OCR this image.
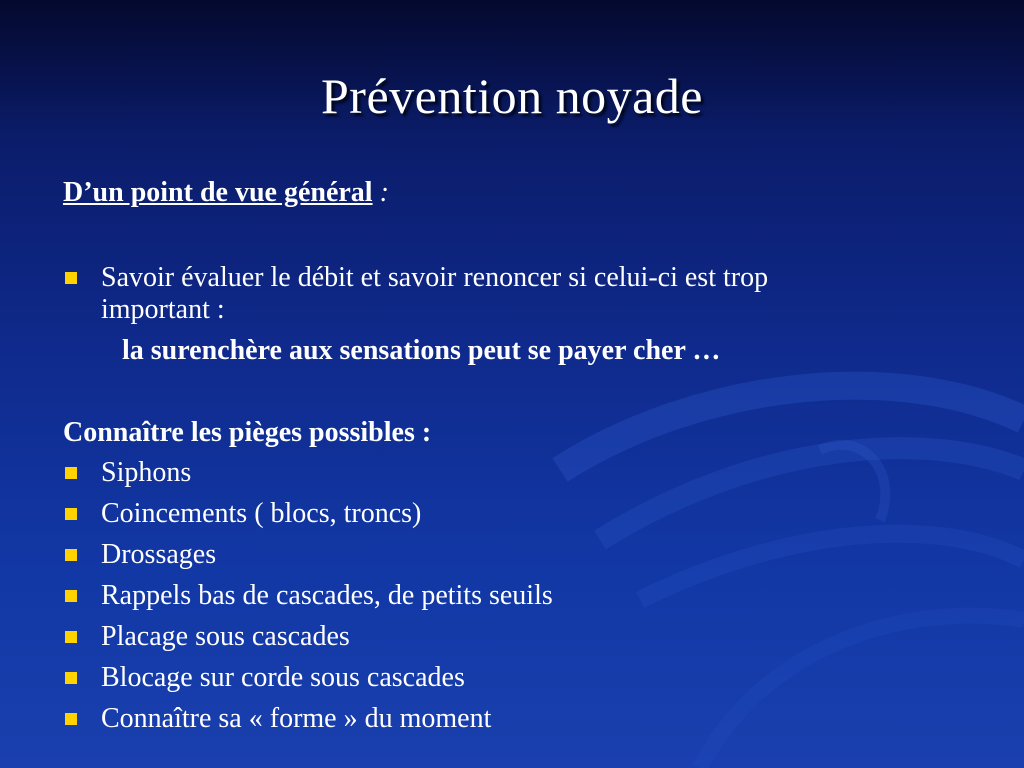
Prévention noyade
D’un point de vue général :
Savoir évaluer le débit et savoir renoncer si celui-ci est trop
important :
la surenchère aux sensations peut se payer cher …
Connaître les pièges possibles :
Siphons
Coincements ( blocs, troncs)
Drossages
Rappels bas de cascades, de petits seuils
Placage sous cascades
Blocage sur corde sous cascades
Connaître sa « forme » du moment
